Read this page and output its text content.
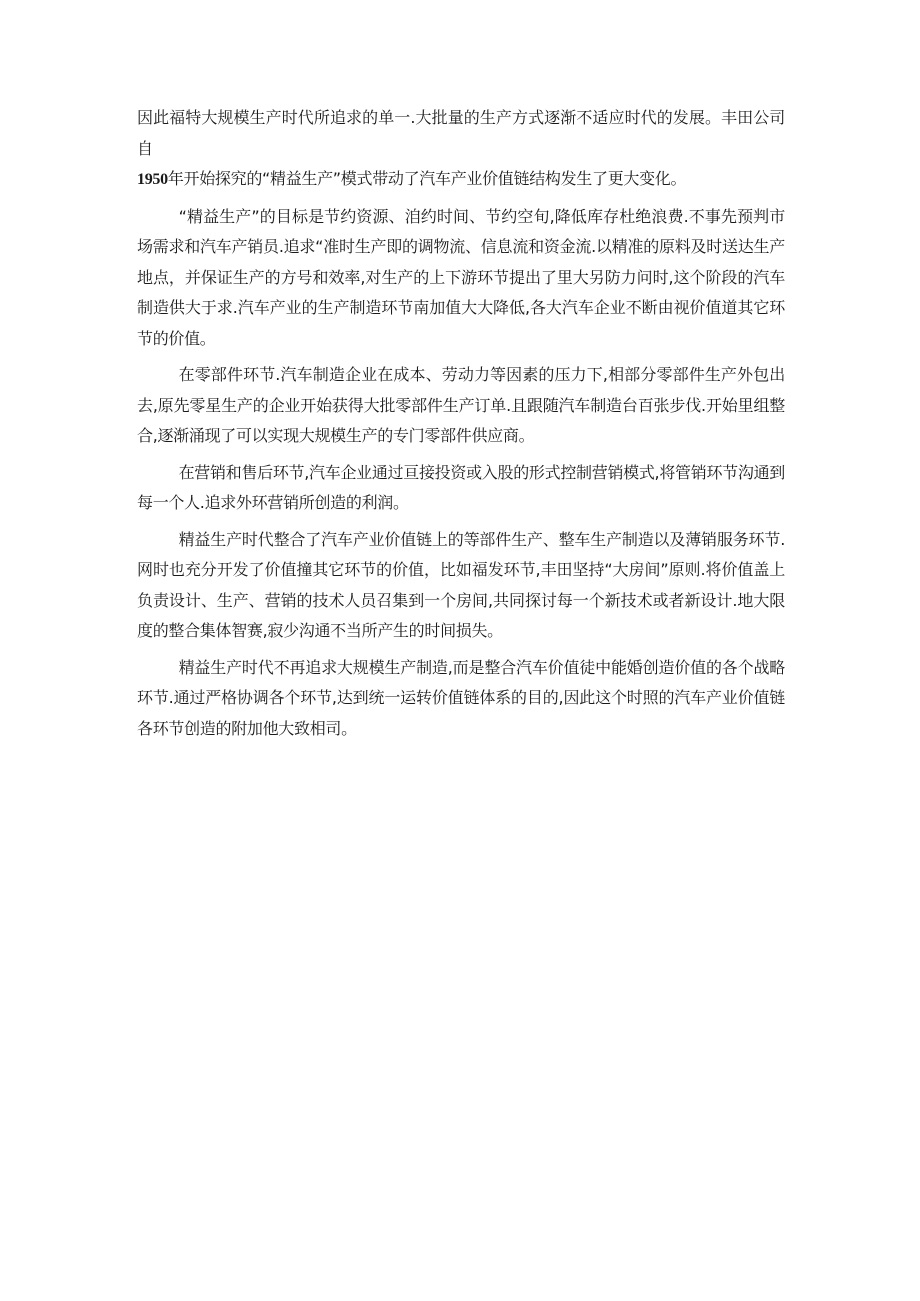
因此福特大规模生产时代所追求的单一.大批量的生产方式逐渐不适应时代的发展。丰田公司自
1950年开始探究的“精益生产”模式带动了汽车产业价值链结构发生了更大变化。

“精益生产”的目标是节约资源、洎约时间、节约空旬,降低库存杜绝浪费.不事先预判市场需求和汽车产销员.追求“准时生产即的调物流、信息流和资金流.以精准的原料及时送达生产地点，并保证生产的方号和效率,对生产的上下游环节提出了里大另防力问时,这个阶段的汽车制造供大于求.汽车产业的生产制造环节南加值大大降低,各大汽车企业不断由视价值道其它环节的价值。

在零部件环节.汽车制造企业在成本、劳动力等因素的压力下,相部分零部件生产外包出去,原先零星生产的企业开始获得大批零部件生产订单.且跟随汽车制造台百张步伐.开始里组整合,逐渐涌现了可以实现大规模生产的专门零部件供应商。

在营销和售后环节,汽车企业通过亘接投资或入股的形式控制营销模式,将管销环节沟通到每一个人.追求外环营销所创造的利润。

精益生产时代整合了汽车产业价值链上的等部件生产、整车生产制造以及薄销服务环节.网时也充分开发了价值撞其它环节的价值，比如福发环节,丰田坚持“大房间”原则.将价值盖上负责设计、生产、营销的技术人员召集到一个房间,共同探讨每一个新技术或者新设计.地大限度的整合集体智赛,寂少沟通不当所产生的时间损失。

精益生产时代不再追求大规模生产制造,而是整合汽车价值徒中能婚创造价值的各个战略环节.通过严格协调各个环节,达到统一运转价值链体系的目的,因此这个时照的汽车产业价值链各环节创造的附加他大致相司。
